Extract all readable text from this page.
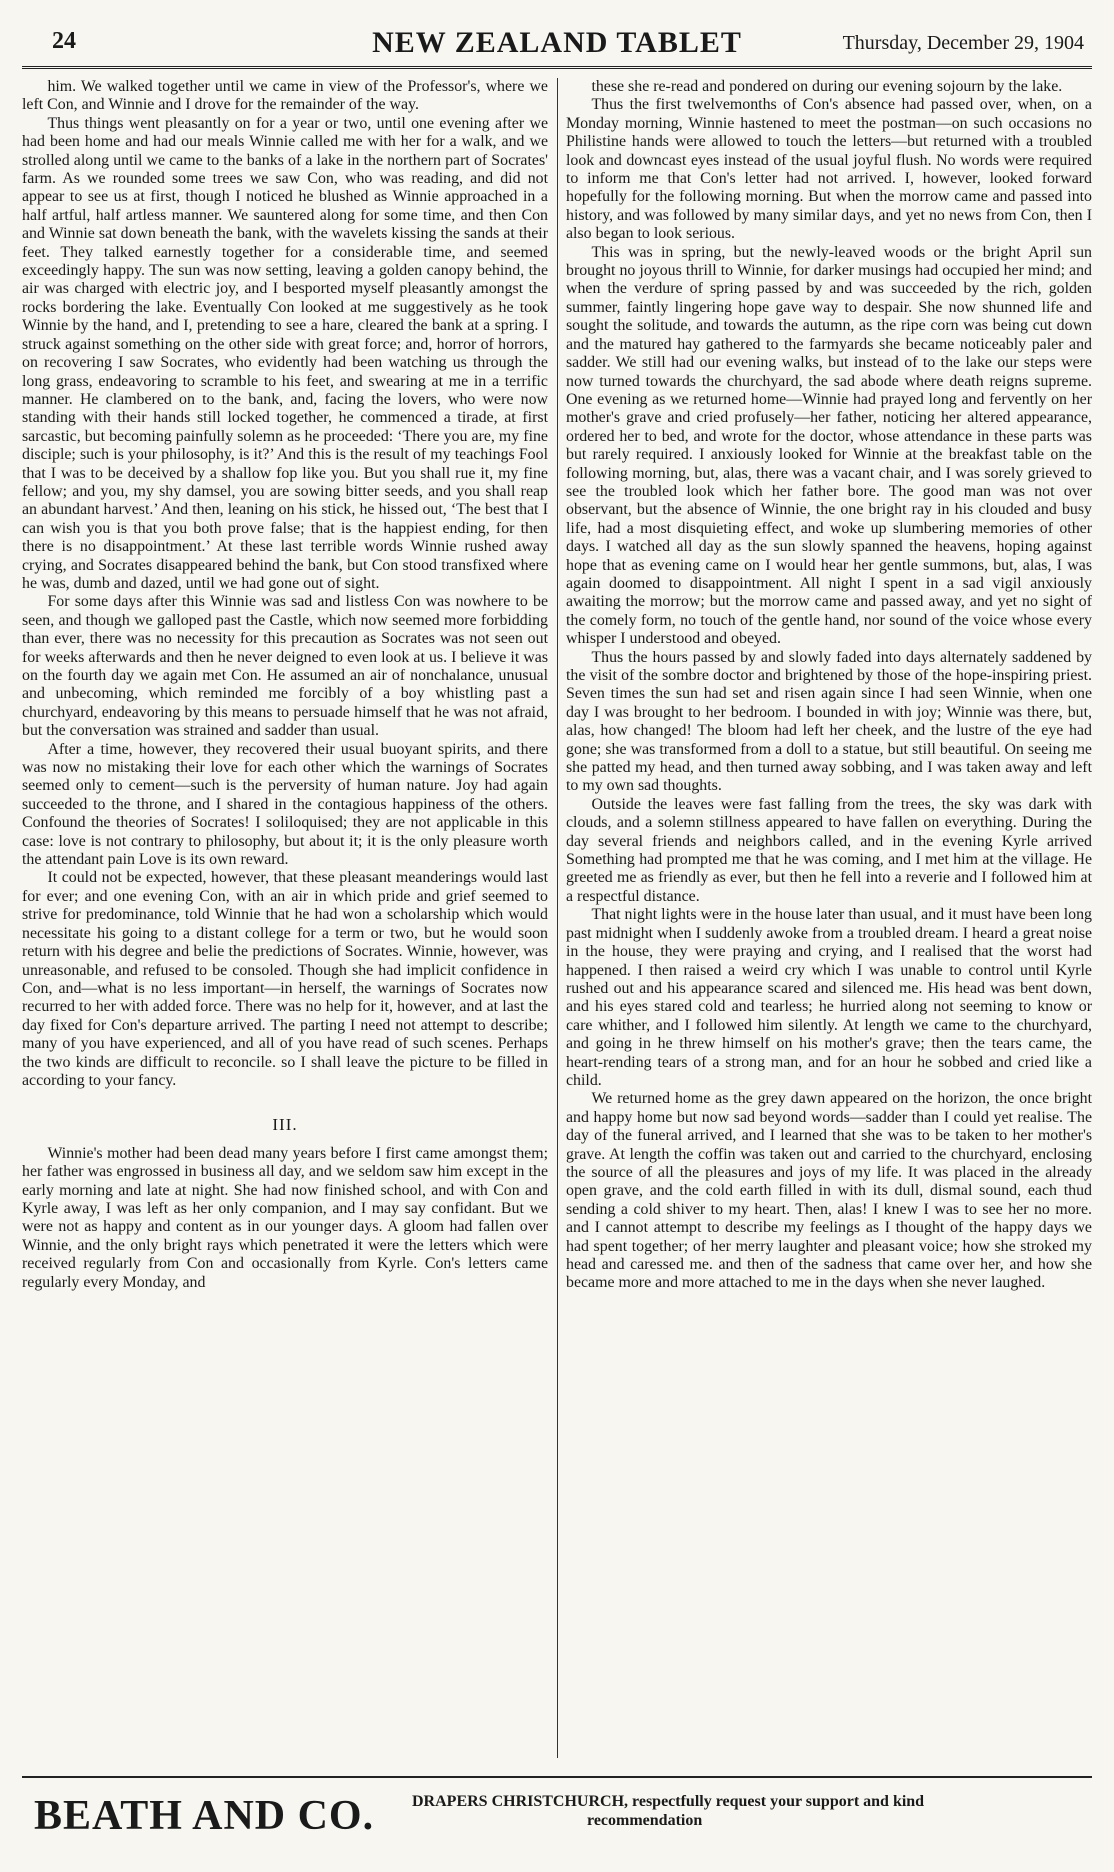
24	NEW ZEALAND TABLET	Thursday, December 29, 1904

him. We walked together until we came in view of the Professor's, where we left Con, and Winnie and I drove for the remainder of the way.

Thus things went pleasantly on for a year or two, until one evening after we had been home and had our meals Winnie called me with her for a walk, and we strolled along until we came to the banks of a lake in the northern part of Socrates' farm. As we rounded some trees we saw Con, who was reading, and did not appear to see us at first, though I noticed he blushed as Winnie approached in a half artful, half artless manner. We sauntered along for some time, and then Con and Winnie sat down beneath the bank, with the wavelets kissing the sands at their feet. They talked earnestly together for a considerable time, and seemed exceedingly happy. The sun was now setting, leaving a golden canopy behind, the air was charged with electric joy, and I besported myself pleasantly amongst the rocks bordering the lake. Eventually Con looked at me suggestively as he took Winnie by the hand, and I, pretending to see a hare, cleared the bank at a spring. I struck against something on the other side with great force; and, horror of horrors, on recovering I saw Socrates, who evidently had been watching us through the long grass, endeavoring to scramble to his feet, and swearing at me in a terrific manner. He clambered on to the bank, and, facing the lovers, who were now standing with their hands still locked together, he commenced a tirade, at first sarcastic, but becoming painfully solemn as he proceeded: ‘There you are, my fine disciple; such is your philosophy, is it?’ And this is the result of my teachings Fool that I was to be deceived by a shallow fop like you. But you shall rue it, my fine fellow; and you, my shy damsel, you are sowing bitter seeds, and you shall reap an abundant harvest.’ And then, leaning on his stick, he hissed out, ‘The best that I can wish you is that you both prove false; that is the happiest ending, for then there is no disappointment.’ At these last terrible words Winnie rushed away crying, and Socrates disappeared behind the bank, but Con stood transfixed where he was, dumb and dazed, until we had gone out of sight.

For some days after this Winnie was sad and listless Con was nowhere to be seen, and though we galloped past the Castle, which now seemed more forbidding than ever, there was no necessity for this precaution as Socrates was not seen out for weeks afterwards and then he never deigned to even look at us. I believe it was on the fourth day we again met Con. He assumed an air of nonchalance, unusual and unbecoming, which reminded me forcibly of a boy whistling past a churchyard, endeavoring by this means to persuade himself that he was not afraid, but the conversation was strained and sadder than usual.

After a time, however, they recovered their usual buoyant spirits, and there was now no mistaking their love for each other which the warnings of Socrates seemed only to cement—such is the perversity of human nature. Joy had again succeeded to the throne, and I shared in the contagious happiness of the others. Confound the theories of Socrates! I soliloquised; they are not applicable in this case: love is not contrary to philosophy, but about it; it is the only pleasure worth the attendant pain Love is its own reward.

It could not be expected, however, that these pleasant meanderings would last for ever; and one evening Con, with an air in which pride and grief seemed to strive for predominance, told Winnie that he had won a scholarship which would necessitate his going to a distant college for a term or two, but he would soon return with his degree and belie the predictions of Socrates. Winnie, however, was unreasonable, and refused to be consoled. Though she had implicit confidence in Con, and—what is no less important—in herself, the warnings of Socrates now recurred to her with added force. There was no help for it, however, and at last the day fixed for Con's departure arrived. The parting I need not attempt to describe; many of you have experienced, and all of you have read of such scenes. Perhaps the two kinds are difficult to reconcile. so I shall leave the picture to be filled in according to your fancy.

III.

Winnie's mother had been dead many years before I first came amongst them; her father was engrossed in business all day, and we seldom saw him except in the early morning and late at night. She had now finished school, and with Con and Kyrle away, I was left as her only companion, and I may say confidant. But we were not as happy and content as in our younger days. A gloom had fallen over Winnie, and the only bright rays which penetrated it were the letters which were received regularly from Con and occasionally from Kyrle. Con's letters came regularly every Monday, and

these she re-read and pondered on during our evening sojourn by the lake.

Thus the first twelvemonths of Con's absence had passed over, when, on a Monday morning, Winnie hastened to meet the postman—on such occasions no Philistine hands were allowed to touch the letters—but returned with a troubled look and downcast eyes instead of the usual joyful flush. No words were required to inform me that Con's letter had not arrived. I, however, looked forward hopefully for the following morning. But when the morrow came and passed into history, and was followed by many similar days, and yet no news from Con, then I also began to look serious.

This was in spring, but the newly-leaved woods or the bright April sun brought no joyous thrill to Winnie, for darker musings had occupied her mind; and when the verdure of spring passed by and was succeeded by the rich, golden summer, faintly lingering hope gave way to despair. She now shunned life and sought the solitude, and towards the autumn, as the ripe corn was being cut down and the matured hay gathered to the farmyards she became noticeably paler and sadder. We still had our evening walks, but instead of to the lake our steps were now turned towards the churchyard, the sad abode where death reigns supreme. One evening as we returned home—Winnie had prayed long and fervently on her mother's grave and cried profusely—her father, noticing her altered appearance, ordered her to bed, and wrote for the doctor, whose attendance in these parts was but rarely required. I anxiously looked for Winnie at the breakfast table on the following morning, but, alas, there was a vacant chair, and I was sorely grieved to see the troubled look which her father bore. The good man was not over observant, but the absence of Winnie, the one bright ray in his clouded and busy life, had a most disquieting effect, and woke up slumbering memories of other days. I watched all day as the sun slowly spanned the heavens, hoping against hope that as evening came on I would hear her gentle summons, but, alas, I was again doomed to disappointment. All night I spent in a sad vigil anxiously awaiting the morrow; but the morrow came and passed away, and yet no sight of the comely form, no touch of the gentle hand, nor sound of the voice whose every whisper I understood and obeyed.

Thus the hours passed by and slowly faded into days alternately saddened by the visit of the sombre doctor and brightened by those of the hope-inspiring priest. Seven times the sun had set and risen again since I had seen Winnie, when one day I was brought to her bedroom. I bounded in with joy; Winnie was there, but, alas, how changed! The bloom had left her cheek, and the lustre of the eye had gone; she was transformed from a doll to a statue, but still beautiful. On seeing me she patted my head, and then turned away sobbing, and I was taken away and left to my own sad thoughts.

Outside the leaves were fast falling from the trees, the sky was dark with clouds, and a solemn stillness appeared to have fallen on everything. During the day several friends and neighbors called, and in the evening Kyrle arrived Something had prompted me that he was coming, and I met him at the village. He greeted me as friendly as ever, but then he fell into a reverie and I followed him at a respectful distance.

That night lights were in the house later than usual, and it must have been long past midnight when I suddenly awoke from a troubled dream. I heard a great noise in the house, they were praying and crying, and I realised that the worst had happened. I then raised a weird cry which I was unable to control until Kyrle rushed out and his appearance scared and silenced me. His head was bent down, and his eyes stared cold and tearless; he hurried along not seeming to know or care whither, and I followed him silently. At length we came to the churchyard, and going in he threw himself on his mother's grave; then the tears came, the heart-rending tears of a strong man, and for an hour he sobbed and cried like a child.

We returned home as the grey dawn appeared on the horizon, the once bright and happy home but now sad beyond words—sadder than I could yet realise. The day of the funeral arrived, and I learned that she was to be taken to her mother's grave. At length the coffin was taken out and carried to the churchyard, enclosing the source of all the pleasures and joys of my life. It was placed in the already open grave, and the cold earth filled in with its dull, dismal sound, each thud sending a cold shiver to my heart. Then, alas! I knew I was to see her no more. and I cannot attempt to describe my feelings as I thought of the happy days we had spent together; of her merry laughter and pleasant voice; how she stroked my head and caressed me. and then of the sadness that came over her, and how she became more and more attached to me in the days when she never laughed.

BEATH AND CO. DRAPERS CHRISTCHURCH, respectfully request your support and kind
recommendation
